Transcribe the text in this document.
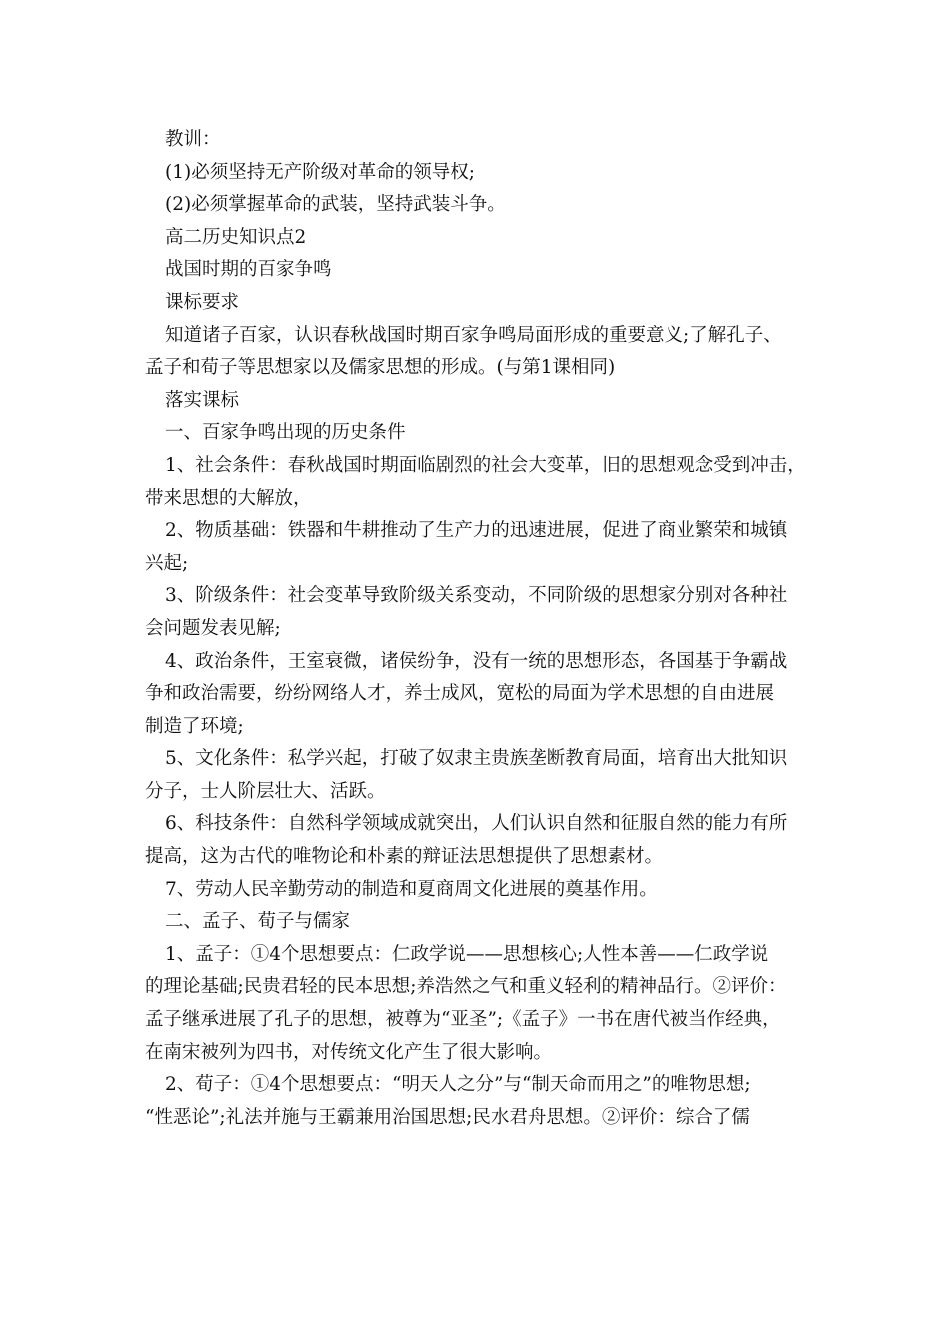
教训：
(1)必须坚持无产阶级对革命的领导权;
(2)必须掌握革命的武装，坚持武装斗争。
高二历史知识点2
战国时期的百家争鸣
课标要求
知道诸子百家，认识春秋战国时期百家争鸣局面形成的重要意义;了解孔子、
孟子和荀子等思想家以及儒家思想的形成。(与第1课相同)
落实课标
一、百家争鸣出现的历史条件
1、社会条件：春秋战国时期面临剧烈的社会大变革，旧的思想观念受到冲击，
带来思想的大解放，
2、物质基础：铁器和牛耕推动了生产力的迅速进展，促进了商业繁荣和城镇
兴起;
3、阶级条件：社会变革导致阶级关系变动，不同阶级的思想家分别对各种社
会问题发表见解;
4、政治条件，王室衰微，诸侯纷争，没有一统的思想形态，各国基于争霸战
争和政治需要，纷纷网络人才，养士成风，宽松的局面为学术思想的自由进展
制造了环境;
5、文化条件：私学兴起，打破了奴隶主贵族垄断教育局面，培育出大批知识
分子，士人阶层壮大、活跃。
6、科技条件：自然科学领域成就突出，人们认识自然和征服自然的能力有所
提高，这为古代的唯物论和朴素的辩证法思想提供了思想素材。
7、劳动人民辛勤劳动的制造和夏商周文化进展的奠基作用。
二、孟子、荀子与儒家
1、孟子：①4个思想要点：仁政学说——思想核心;人性本善——仁政学说
的理论基础;民贵君轻的民本思想;养浩然之气和重义轻利的精神品行。②评价：
孟子继承进展了孔子的思想，被尊为“亚圣”;《孟子》一书在唐代被当作经典，
在南宋被列为四书，对传统文化产生了很大影响。
2、荀子：①4个思想要点：“明天人之分”与“制天命而用之”的唯物思想;
“性恶论”;礼法并施与王霸兼用治国思想;民水君舟思想。②评价：综合了儒
